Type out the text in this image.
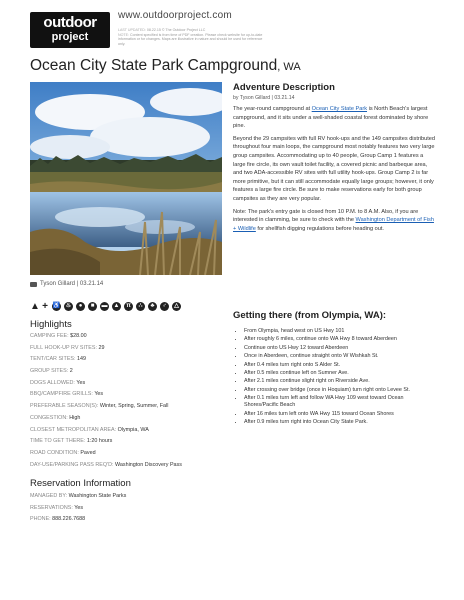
outdoor
project
www.outdoorproject.com
LAST UPDATED: 08.22.15 © The Outdoor Project LLC
NOTE: Content specified is from time of PDF creation. Please check website for up-to-date information or for changes. Maps are illustrative in nature and should be used for reference only.
Ocean City State Park Campground, WA
Tyson Gillard | 03.21.14
▲ + ♿ ♨	●	■	▬ ▲	π	∴	♣	♂	△
Highlights
CAMPING FEE: $28.00
FULL HOOK-UP RV SITES: 29
TENT/CAR SITES: 149
GROUP SITES: 2
DOGS ALLOWED: Yes
BBQ/CAMPFIRE GRILLS: Yes
PREFERABLE SEASON(S): Winter, Spring, Summer, Fall
CONGESTION: High
CLOSEST METROPOLITAN AREA: Olympia, WA
TIME TO GET THERE: 1:20 hours
ROAD CONDITION: Paved
DAY-USE/PARKING PASS REQ'D: Washington Discovery Pass
Reservation Information
MANAGED BY: Washington State Parks
RESERVATIONS: Yes
PHONE: 888.226.7688
Adventure Description
by Tyson Gillard | 03.21.14

The year-round campground at Ocean City State Park is North Beach's largest campground, and it sits under a well-shaded coastal forest dominated by shore pine.

Beyond the 29 campsites with full RV hook-ups and the 149 campsites distributed throughout four main loops, the campground most notably features two very large group campsites. Accommodating up to 40 people, Group Camp 1 features a large fire circle, its own vault toilet facility, a covered picnic and barbeque area, and two ADA-accessible RV sites with full utility hook-ups. Group Camp 2 is far more primitive, but it can still accommodate equally large groups; however, it only features a large fire circle. Be sure to make reservations early for both group campsites as they are very popular.

Note: The park's entry gate is closed from 10 P.M. to 8 A.M. Also, if you are interested in clamming, be sure to check with the Washington Department of Fish + Wildlife for shellfish digging regulations before heading out.

Getting there (from Olympia, WA):
• From Olympia, head west on US Hwy 101
• After roughly 6 miles, continue onto WA Hwy 8 toward Aberdeen
• Continue onto US Hwy 12 toward Aberdeen
• Once in Aberdeen, continue straight onto W Wishkah St.
• After 0.4 miles turn right onto S Alder St.
• After 0.5 miles continue left on Sumner Ave.
• After 2.1 miles continue slight right on Riverside Ave.
• After crossing over bridge (once in Hoquiam) turn right onto Levee St.
• After 0.1 miles turn left and follow WA Hwy 109 west toward Ocean Shores/Pacific Beach
• After 16 miles turn left onto WA Hwy 115 toward Ocean Shores
• After 0.9 miles turn right into Ocean City State Park.
